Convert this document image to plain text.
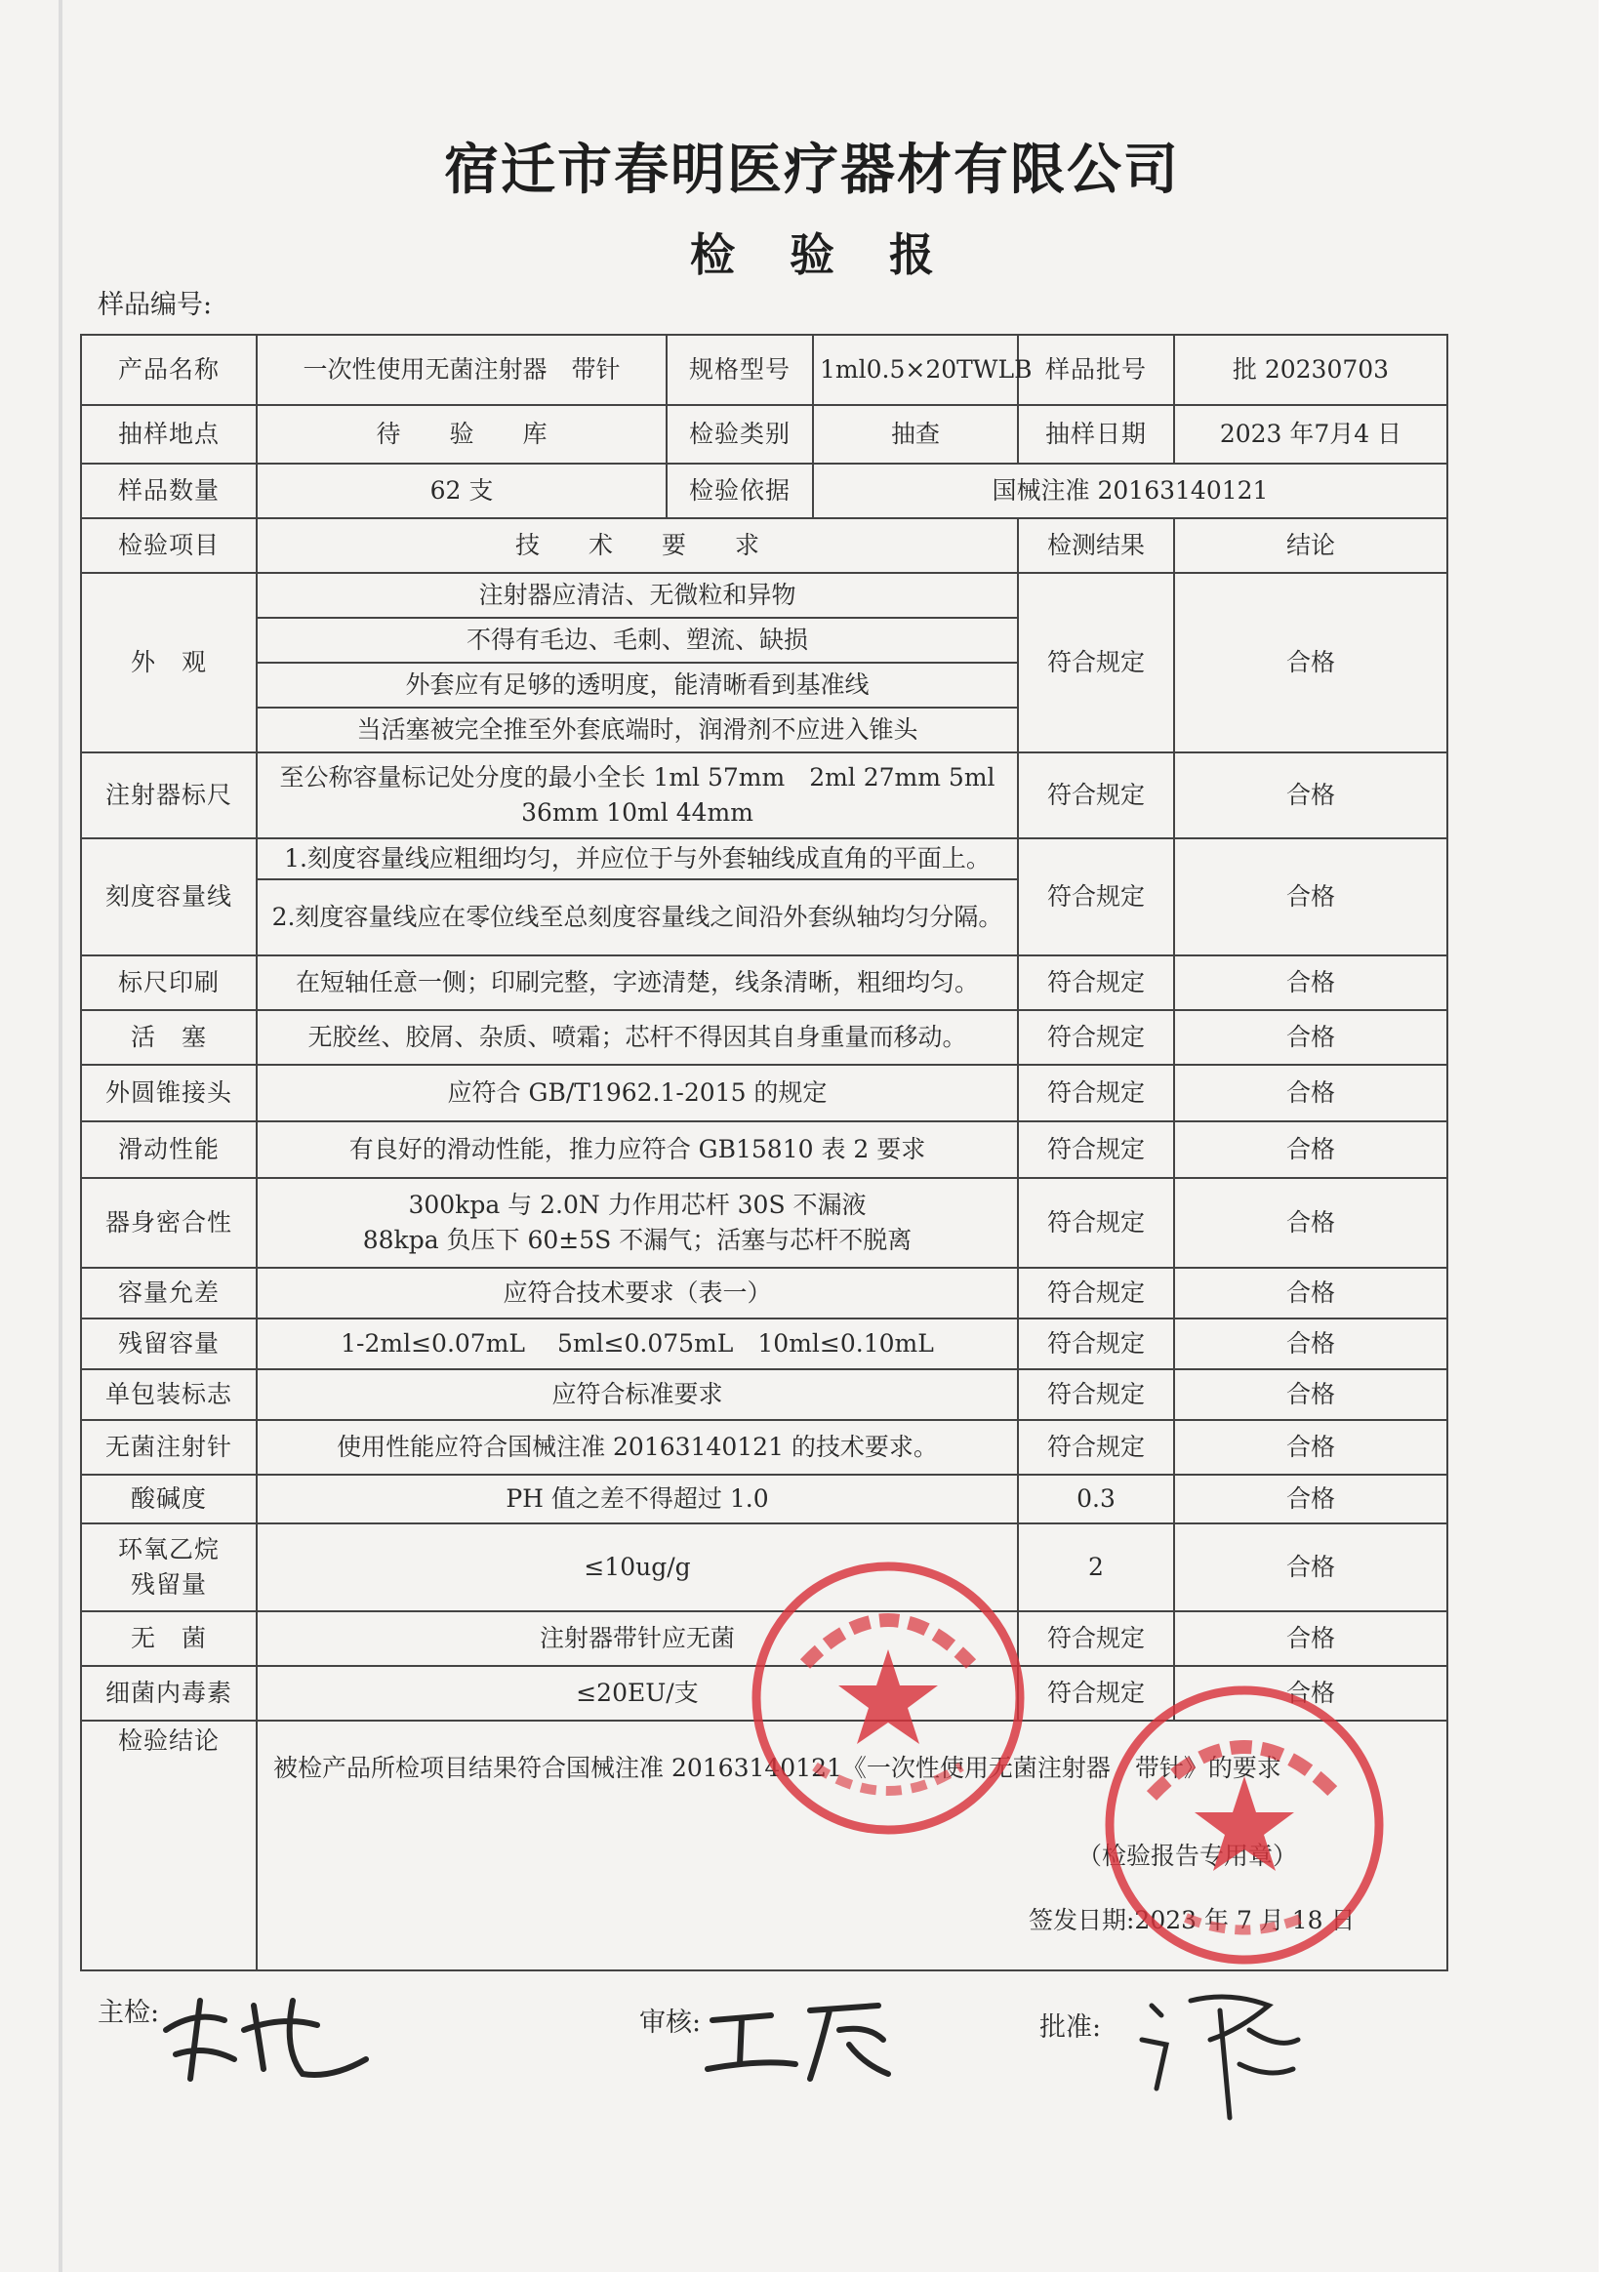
宿迁市春明医疗器材有限公司
检 验 报
样品编号:
产品名称	一次性使用无菌注射器　带针	规格型号	1ml0.5×20TWLB	样品批号	批 20230703
抽样地点	待　　验　　库	检验类别	抽查	抽样日期	2023 年7月4 日
样品数量	62 支	检验依据	国械注准 20163140121		
检验项目	技　　术　　要　　求			检测结果	结论
外　观	注射器应清洁、无微粒和异物			符合规定	合格
	不得有毛边、毛刺、塑流、缺损				
	外套应有足够的透明度，能清晰看到基准线				
	当活塞被完全推至外套底端时，润滑剂不应进入锥头				
注射器标尺	至公称容量标记处分度的最小全长 1ml 57mm　2ml 27mm 5ml 36mm 10ml 44mm			符合规定	合格
刻度容量线	1.刻度容量线应粗细均匀，并应位于与外套轴线成直角的平面上。			符合规定	合格
	2.刻度容量线应在零位线至总刻度容量线之间沿外套纵轴均匀分隔。				
标尺印刷	在短轴任意一侧；印刷完整，字迹清楚，线条清晰，粗细均匀。			符合规定	合格
活　塞	无胶丝、胶屑、杂质、喷霜；芯杆不得因其自身重量而移动。			符合规定	合格
外圆锥接头	应符合 GB/T1962.1-2015 的规定			符合规定	合格
滑动性能	有良好的滑动性能，推力应符合 GB15810 表 2 要求			符合规定	合格
器身密合性	300kpa 与 2.0N 力作用芯杆 30S 不漏液
88kpa 负压下 60±5S 不漏气；活塞与芯杆不脱离			符合规定	合格
容量允差	应符合技术要求（表一）			符合规定	合格
残留容量	1-2ml≤0.07mL　 5ml≤0.075mL　10ml≤0.10mL			符合规定	合格
单包装标志	应符合标准要求			符合规定	合格
无菌注射针	使用性能应符合国械注准 20163140121 的技术要求。			符合规定	合格
酸碱度	PH 值之差不得超过 1.0			0.3	合格

环氧乙烷
残留量	≤10ug/g			2	合格
无　菌	注射器带针应无菌			符合规定	合格
细菌内毒素	≤20EU/支			符合规定	合格
检验结论	被检产品所检项目结果符合国械注准 20163140121《一次性使用无菌注射器　带针》的要求
（检验报告专用章）
签发日期:2023 年 7 月 18 日				
主检:	审核:	批准:
